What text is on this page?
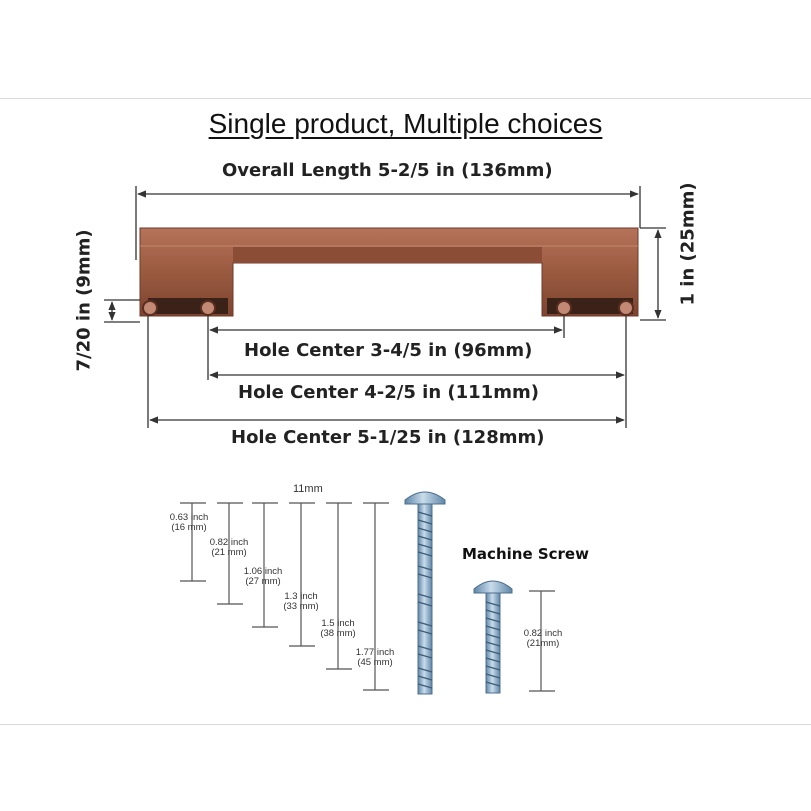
Single product, Multiple choices
Overall Length 5-2/5 in (136mm)
Hole Center 3-4/5 in (96mm)
Hole Center 4-2/5 in (111mm)
Hole Center 5-1/25 in (128mm)
1 in (25mm)
7/20 in (9mm)
11mm
0.63 inch
(16 mm)
0.82 inch
(21 mm)
1.06 inch
(27 mm)
1.3 inch
(33 mm)
1.5 inch
(38 mm)
1.77 inch
(45 mm)
Machine Screw
0.82 inch
(21mm)
